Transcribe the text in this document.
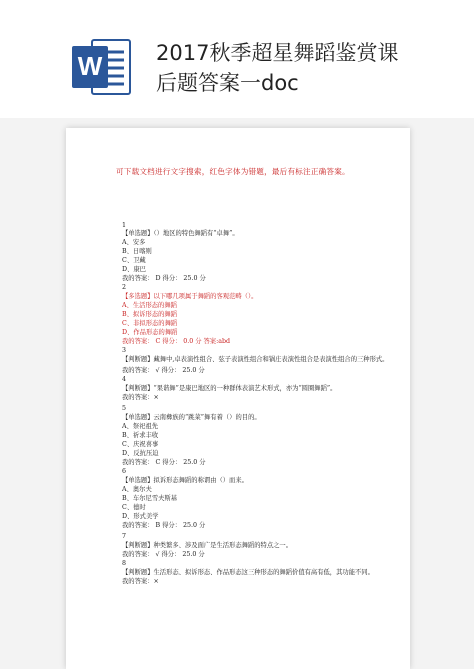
W	2017秋季超星舞蹈鉴赏课
后题答案一doc
可下载文档进行文字搜索，红色字体为错题，最后有标注正确答案。
1
【单选题】（）地区的特色舞蹈有“卓舞”。
A、安多
B、日喀则
C、卫藏
D、康巴
我的答案： D 得分： 25.0 分
2
【多选题】以下哪几项属于舞蹈的客观范畴（）。
A、生活形态的舞蹈
B、拟诉形态的舞蹈
C、非拟形态的舞蹈
D、作品形态的舞蹈
我的答案： C 得分： 0.0 分 答案:abd
3
【判断题】藏舞中,卓表演性组合、弦子表演性组合和锅庄表演性组合是表演性组合的三种形式。
我的答案： √ 得分： 25.0 分
4
【判断题】“果谐舞”是康巴地区的一种群体表演艺术形式，亦为“圆圈舞蹈”。
我的答案：×
5
【单选题】云南彝族的“跳菜”舞有着（）的目的。
A、祭祀祖先
B、祈求丰收
C、庆祝喜事
D、反抗压迫
我的答案： C 得分： 25.0 分
6
【单选题】拟诉形态舞蹈的称谓由（）而来。
A、奥尔夫
B、车尔尼雪夫斯基
C、德时
D、形式美学
我的答案： B 得分： 25.0 分
7
【判断题】种类繁多、涉及面广是生活形态舞蹈的特点之一。
我的答案： √ 得分： 25.0 分
8
【判断题】生活形态、拟诉形态、作品形态这三种形态的舞蹈价值有高有低，其功能不同。
我的答案：×
